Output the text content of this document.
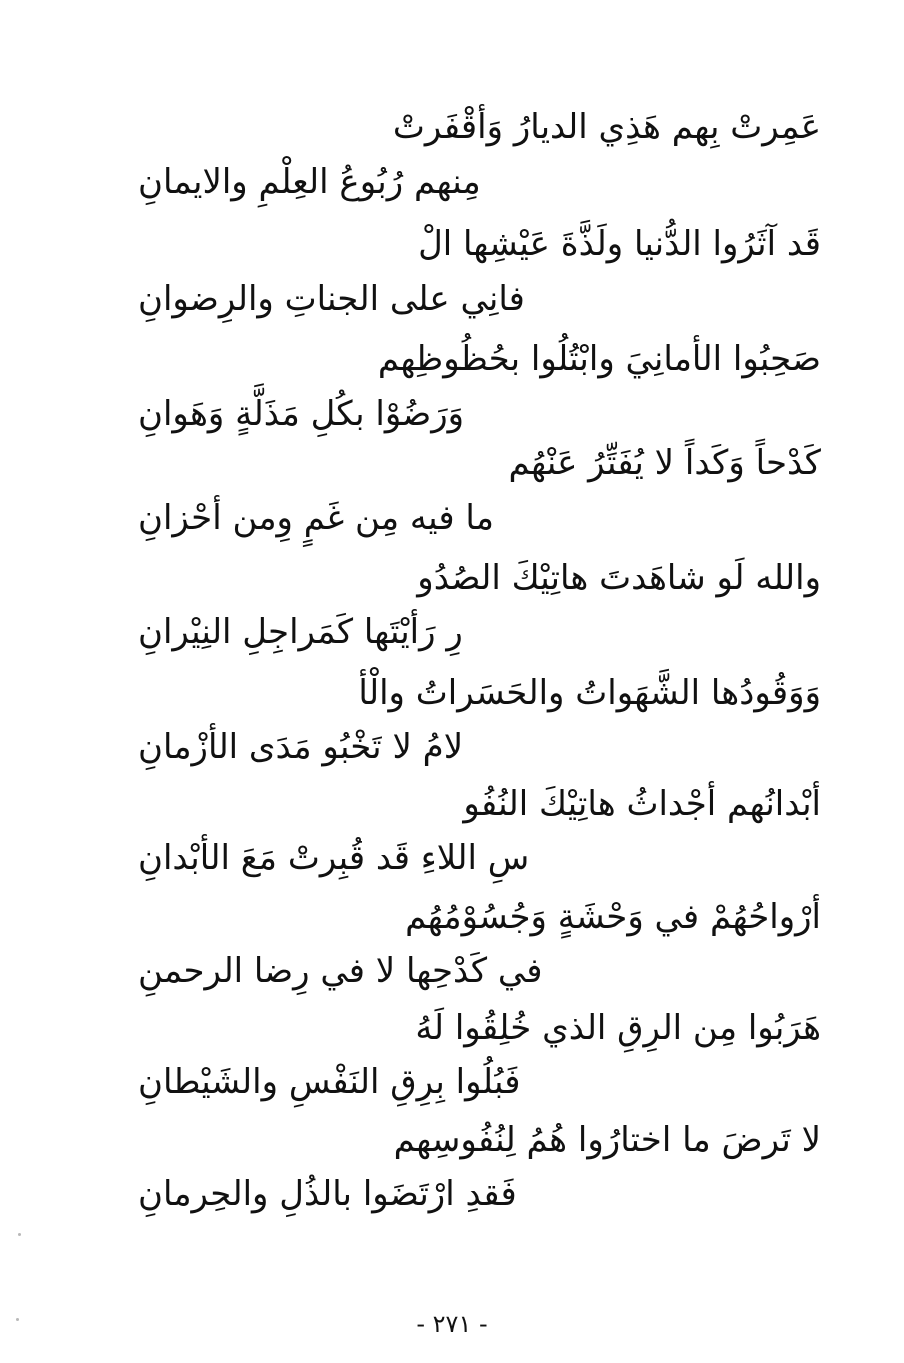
عَمِرتْ بِهم هَذِي الديارُ وَأقْفَرتْ

مِنهم رُبُوعُ العِلْمِ والايمانِ

قَد آثَرُوا الدُّنيا ولَذَّةَ عَيْشِها الْ

فانِي على الجناتِ والرِضوانِ

صَحِبُوا الأمانِيَ وابْتُلُوا بحُظُوظِهم

وَرَضُوْا بكُلِ مَذَلَّةٍ وَهَوانِ

كَدْحاً وَكَداً لا يُفَتِّرُ عَنْهُم

ما فيه مِن غَمٍ وِمن أحْزانِ

والله لَو شاهَدتَ هاتِيْكَ الصُدُو

رِ رَأيْتَها كَمَراجِلِ النِيْرانِ

وَوَقُودُها الشَّهَواتُ والحَسَراتُ والْأ

لامُ لا تَخْبُو مَدَى الأزْمانِ

أبْدانُهم أجْداثُ هاتِيْكَ النُفُو

سِ اللاءِ قَد قُبِرتْ مَعَ الأبْدانِ

أرْواحُهُمْ في وَحْشَةٍ وَجُسُوْمُهُم

في كَدْحِها لا في رِضا الرحمنِ

هَرَبُوا مِن الرِقِ الذي خُلِقُوا لَهُ

فَبُلُوا بِرِقِ النَفْسِ والشَيْطانِ

لا تَرضَ ما اختارُوا هُمُ لِنُفُوسِهم

فَقدِ ارْتَضَوا بالذُلِ والحِرمانِ

- ٢٧١ -
